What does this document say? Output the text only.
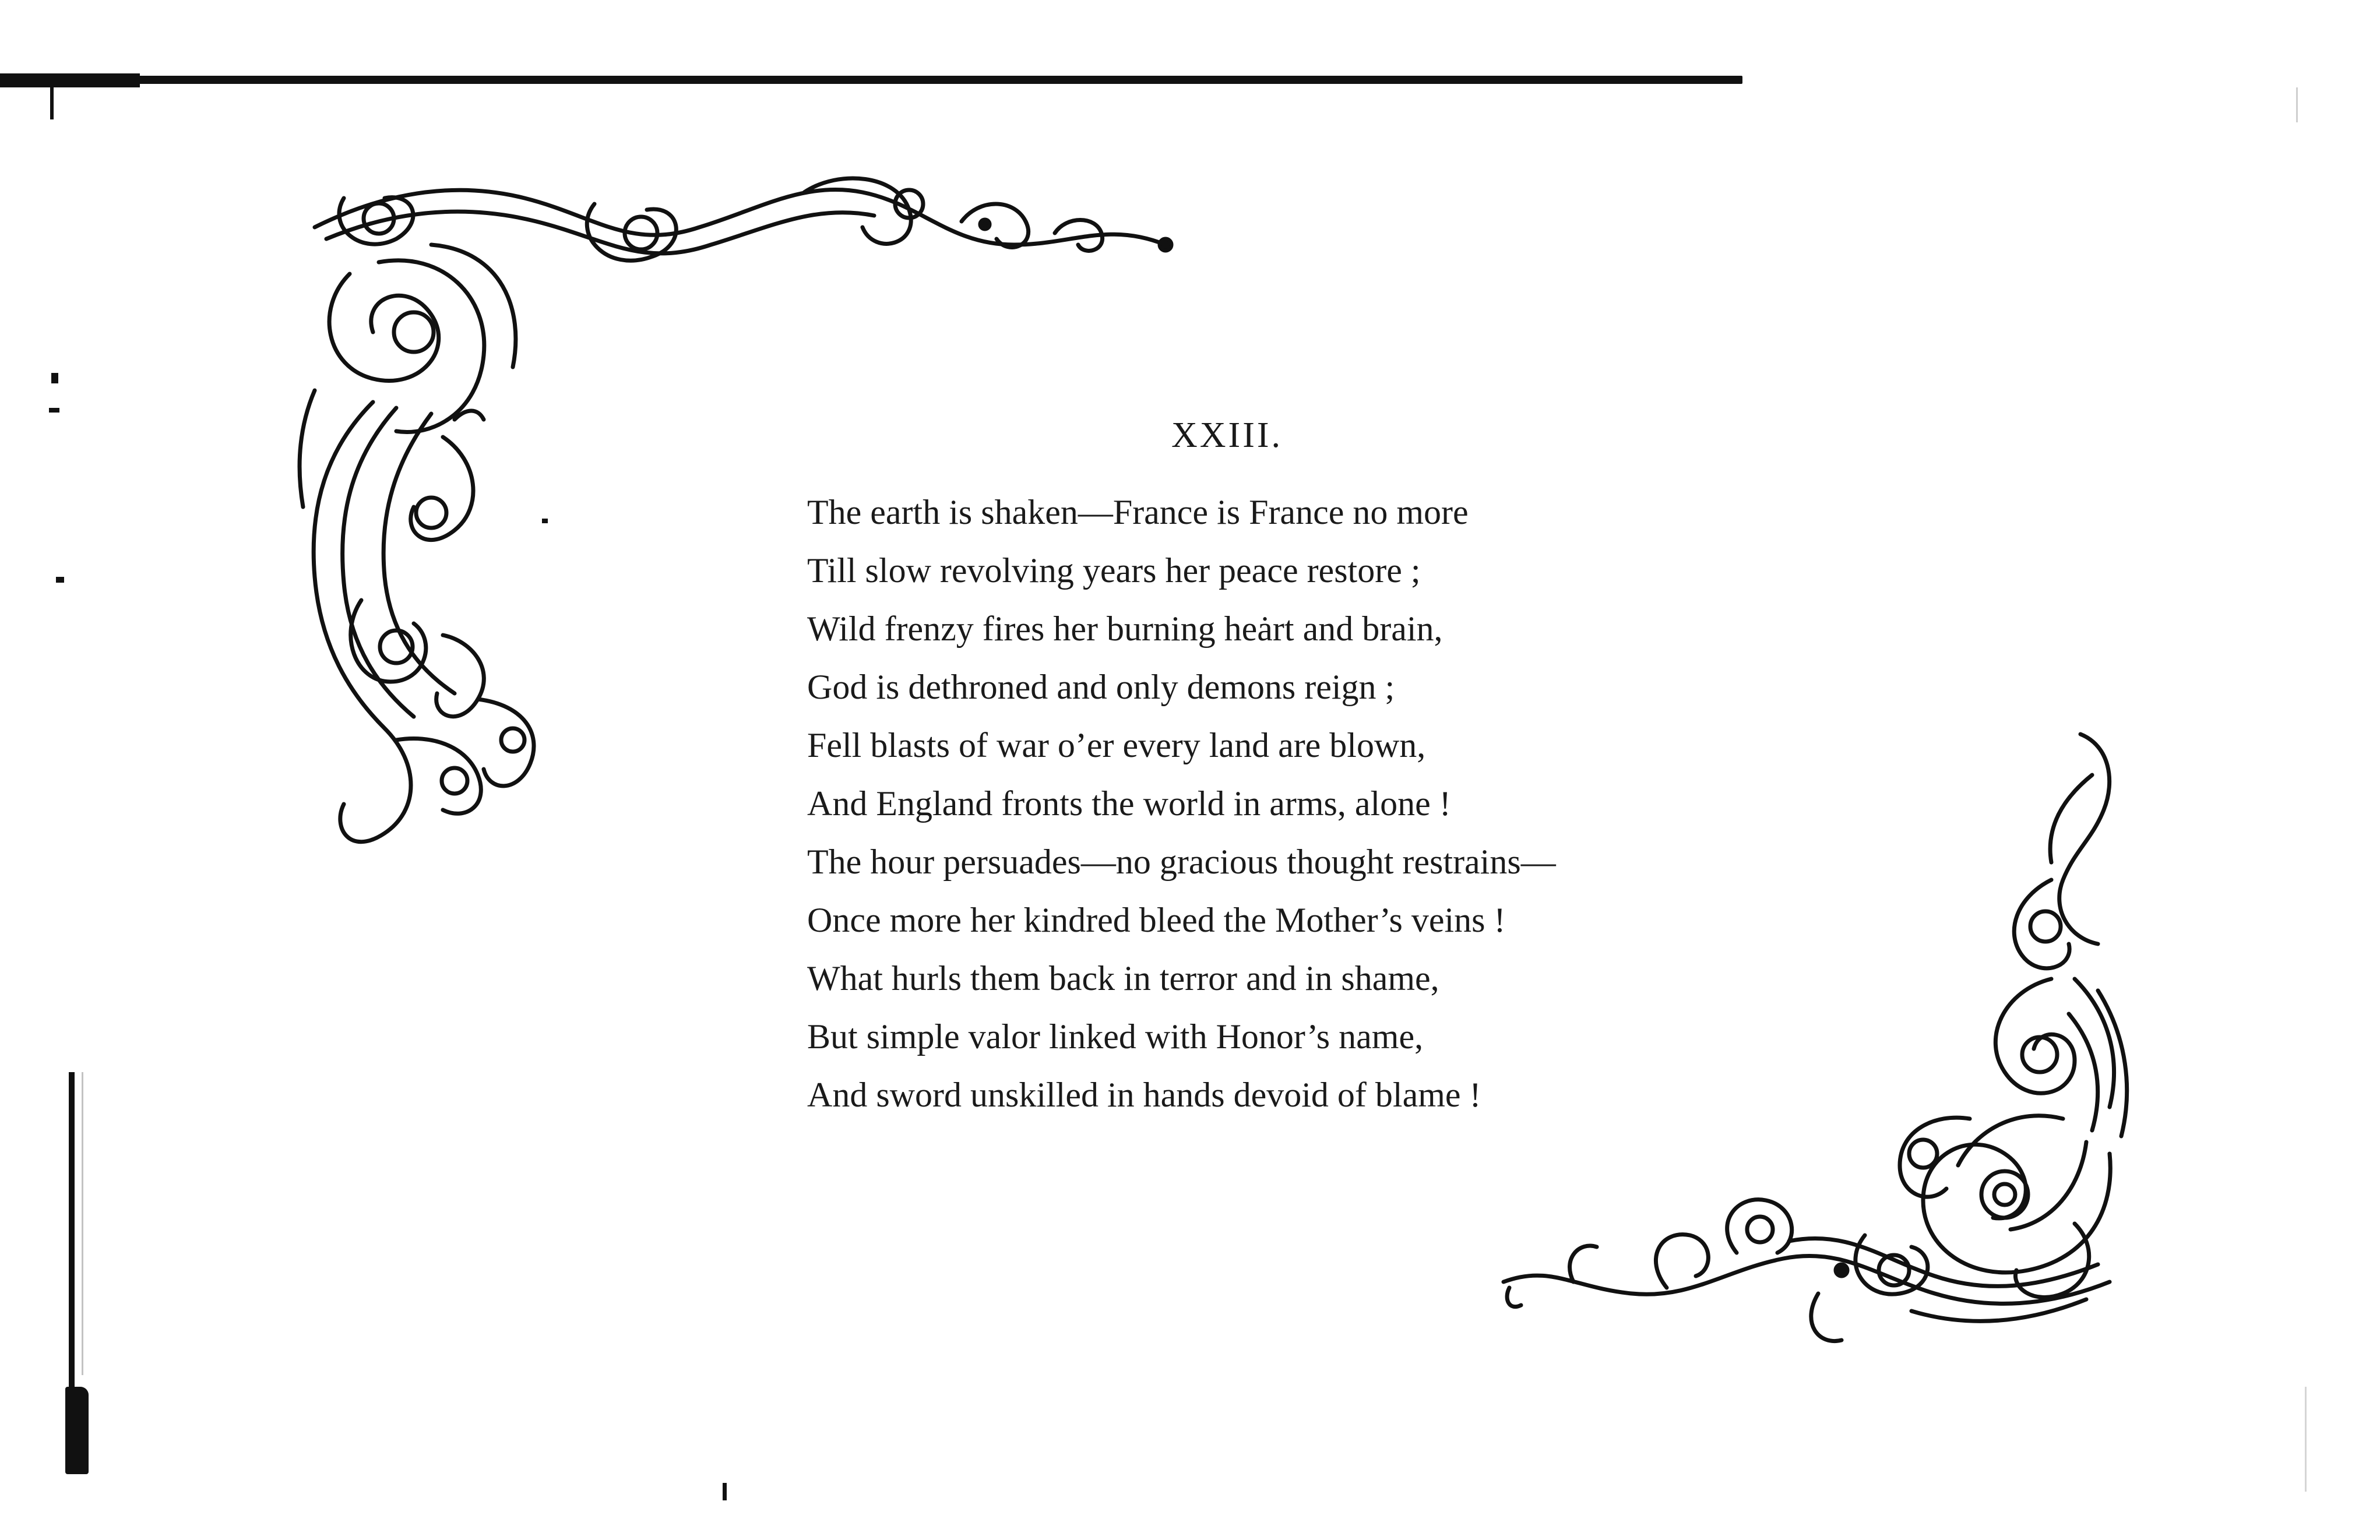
XXIII.
The earth is shaken—France is France no more
Till slow revolving years her peace restore ;
Wild frenzy fires her burning heȧrt and brain,
God is dethroned and only demons reign ;
Fell blasts of war o’er every land are blown,
And England fronts the world in arms, alone !
The hour persuades—no gracious thought restrains—
Once more her kindred bleed the Mother’s veins !
What hurls them back in terror and in shame,
But simple valor linked with Honor’s name,
And sword unskilled in hands devoid of blame !
